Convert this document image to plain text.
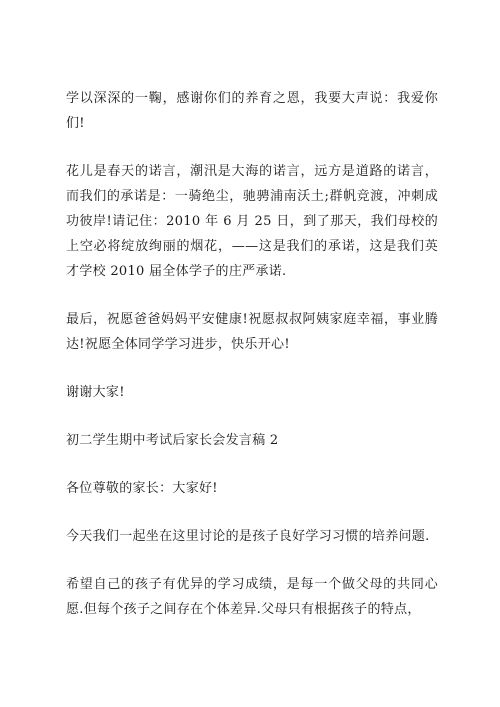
学以深深的一鞠，感谢你们的养育之恩，我要大声说：我爱你们!

花儿是春天的诺言，潮汛是大海的诺言，远方是道路的诺言，而我们的承诺是：一骑绝尘，驰骋浦南沃土;群帆竞渡，冲刺成功彼岸!请记住：2010 年 6 月 25 日，到了那天，我们母校的上空必将绽放绚丽的烟花，——这是我们的承诺，这是我们英才学校 2010 届全体学子的庄严承诺.

最后，祝愿爸爸妈妈平安健康!祝愿叔叔阿姨家庭幸福，事业腾达!祝愿全体同学学习进步，快乐开心!

谢谢大家!

初二学生期中考试后家长会发言稿 2

各位尊敬的家长：大家好!

今天我们一起坐在这里讨论的是孩子良好学习习惯的培养问题.

希望自己的孩子有优异的学习成绩，是每一个做父母的共同心愿.但每个孩子之间存在个体差异.父母只有根据孩子的特点，
